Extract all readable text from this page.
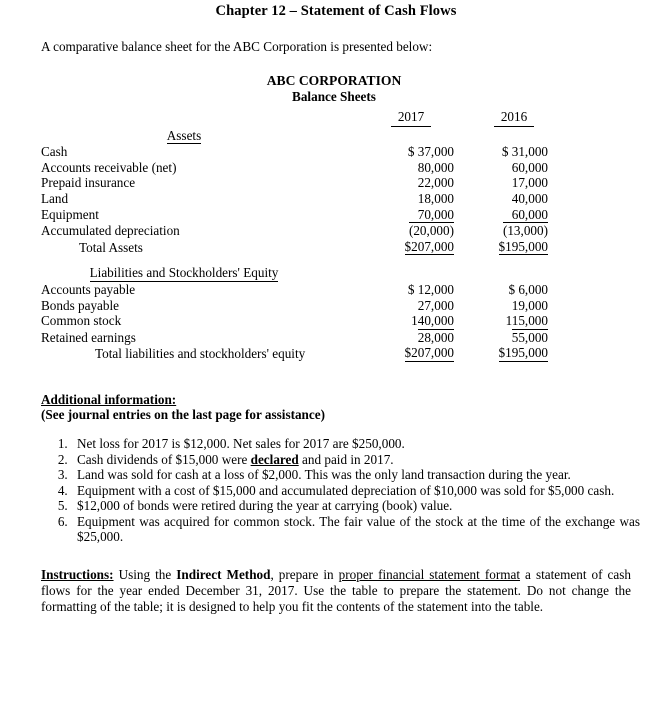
Chapter 12 – Statement of Cash Flows
A comparative balance sheet for the ABC Corporation is presented below:
ABC CORPORATION
Balance Sheets
	2017	2016	
Assets			
Cash	$ 37,000	$ 31,000	
Accounts receivable (net)	80,000	60,000	
Prepaid insurance	22,000	17,000	
Land	18,000	40,000	
Equipment	70,000	60,000	
Accumulated depreciation	(20,000)	(13,000)	
Total Assets	$207,000	$195,000	

Liabilities and Stockholders' Equity			
Accounts payable	$ 12,000	$ 6,000	
Bonds payable	27,000	19,000	
Common stock	140,000	115,000	
Retained earnings	28,000	55,000	
Total liabilities and stockholders' equity	$207,000	$195,000	
Additional information:
(See journal entries on the last page for assistance)
1. Net loss for 2017 is $12,000. Net sales for 2017 are $250,000.
2. Cash dividends of $15,000 were declared and paid in 2017.
3. Land was sold for cash at a loss of $2,000. This was the only land transaction during the year.
4. Equipment with a cost of $15,000 and accumulated depreciation of $10,000 was sold for $5,000 cash.
5. $12,000 of bonds were retired during the year at carrying (book) value.
6. Equipment was acquired for common stock. The fair value of the stock at the time of the exchange was $25,000.
Instructions: Using the Indirect Method, prepare in proper financial statement format a statement of cash flows for the year ended December 31, 2017. Use the table to prepare the statement. Do not change the formatting of the table; it is designed to help you fit the contents of the statement into the table.
